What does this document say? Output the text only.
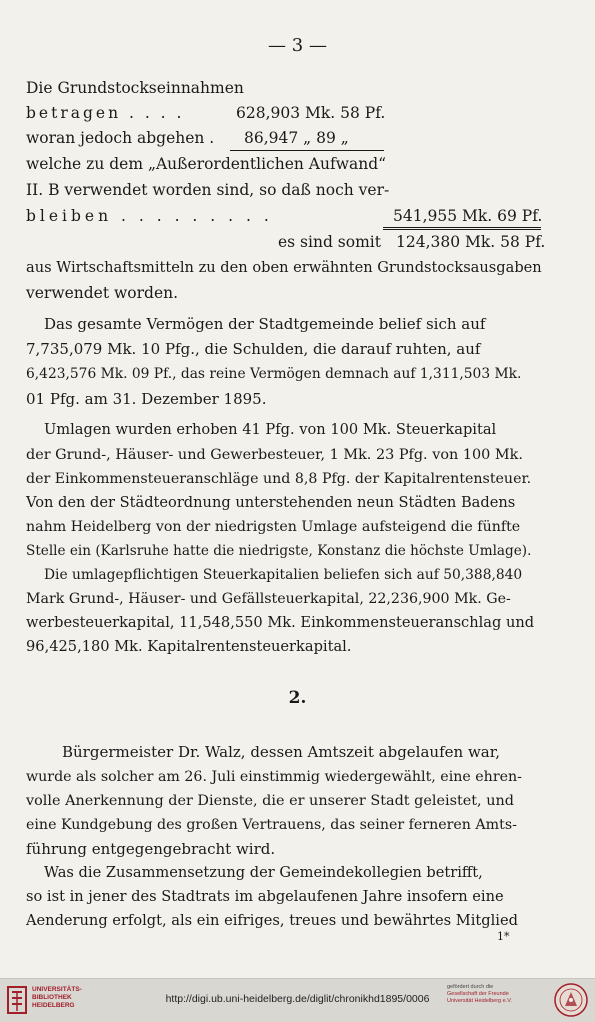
— 3 —
Die Grundstockseinnahmen
betragen . . . .	628,903 Mk. 58 Pf.
woran jedoch abgehen . 86,947 „ 89 „
welche zu dem „Außerordentlichen Aufwand“
II. B verwendet worden sind, so daß noch ver-
bleiben . . . . . . . . .	541,955 Mk. 69 Pf.
es sind somit 124,380 Mk. 58 Pf.
aus Wirtschaftsmitteln zu den oben erwähnten Grundstocksausgaben
verwendet worden.
Das gesamte Vermögen der Stadtgemeinde belief sich auf
7,735,079 Mk. 10 Pfg., die Schulden, die darauf ruhten, auf
6,423,576 Mk. 09 Pf., das reine Vermögen demnach auf 1,311,503 Mk.
01 Pfg. am 31. Dezember 1895.
Umlagen wurden erhoben 41 Pfg. von 100 Mk. Steuerkapital
der Grund-, Häuser- und Gewerbesteuer, 1 Mk. 23 Pfg. von 100 Mk.
der Einkommensteueranschläge und 8,8 Pfg. der Kapitalrentensteuer.
Von den der Städteordnung unterstehenden neun Städten Badens
nahm Heidelberg von der niedrigsten Umlage aufsteigend die fünfte
Stelle ein (Karlsruhe hatte die niedrigste, Konstanz die höchste Umlage).
Die umlagepflichtigen Steuerkapitalien beliefen sich auf 50,388,840
Mark Grund-, Häuser- und Gefällsteuerkapital, 22,236,900 Mk. Ge-
werbesteuerkapital, 11,548,550 Mk. Einkommensteueranschlag und
96,425,180 Mk. Kapitalrentensteuerkapital.
2.
Bürgermeister Dr. Walz, dessen Amtszeit abgelaufen war,
wurde als solcher am 26. Juli einstimmig wiedergewählt, eine ehren-
volle Anerkennung der Dienste, die er unserer Stadt geleistet, und
eine Kundgebung des großen Vertrauens, das seiner ferneren Amts-
führung entgegengebracht wird.
Was die Zusammensetzung der Gemeindekollegien betrifft,
so ist in jener des Stadtrats im abgelaufenen Jahre insofern eine
Aenderung erfolgt, als ein eifriges, treues und bewährtes Mitglied
1*
UNIVERSITÄTS-
BIBLIOTHEK
HEIDELBERG
http://digi.ub.uni-heidelberg.de/diglit/chronikhd1895/0006
gefördert durch die
Gesellschaft der Freunde
Universität Heidelberg e.V.
